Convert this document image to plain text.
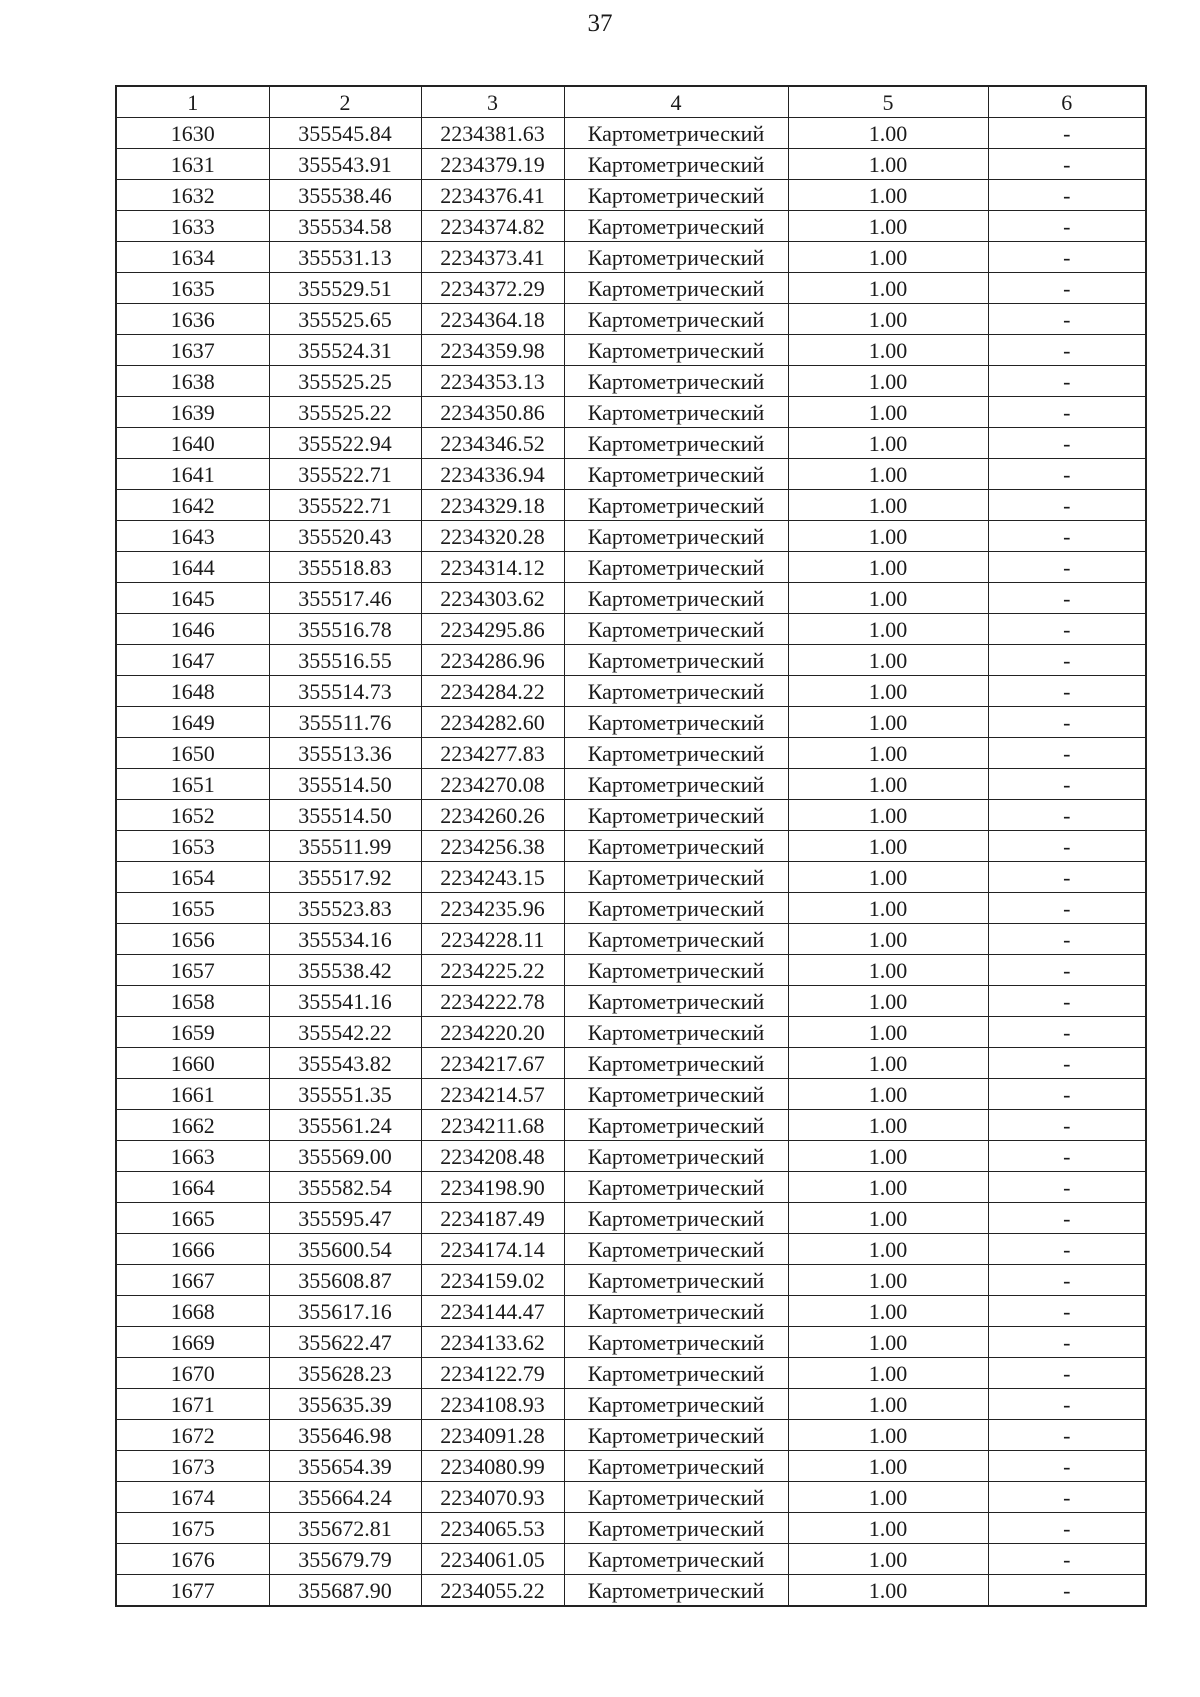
37
1	2	3	4	5	6
1630	355545.84	2234381.63	Картометрический	1.00	-
1631	355543.91	2234379.19	Картометрический	1.00	-
1632	355538.46	2234376.41	Картометрический	1.00	-
1633	355534.58	2234374.82	Картометрический	1.00	-
1634	355531.13	2234373.41	Картометрический	1.00	-
1635	355529.51	2234372.29	Картометрический	1.00	-
1636	355525.65	2234364.18	Картометрический	1.00	-
1637	355524.31	2234359.98	Картометрический	1.00	-
1638	355525.25	2234353.13	Картометрический	1.00	-
1639	355525.22	2234350.86	Картометрический	1.00	-
1640	355522.94	2234346.52	Картометрический	1.00	-
1641	355522.71	2234336.94	Картометрический	1.00	-
1642	355522.71	2234329.18	Картометрический	1.00	-
1643	355520.43	2234320.28	Картометрический	1.00	-
1644	355518.83	2234314.12	Картометрический	1.00	-
1645	355517.46	2234303.62	Картометрический	1.00	-
1646	355516.78	2234295.86	Картометрический	1.00	-
1647	355516.55	2234286.96	Картометрический	1.00	-
1648	355514.73	2234284.22	Картометрический	1.00	-
1649	355511.76	2234282.60	Картометрический	1.00	-
1650	355513.36	2234277.83	Картометрический	1.00	-
1651	355514.50	2234270.08	Картометрический	1.00	-
1652	355514.50	2234260.26	Картометрический	1.00	-
1653	355511.99	2234256.38	Картометрический	1.00	-
1654	355517.92	2234243.15	Картометрический	1.00	-
1655	355523.83	2234235.96	Картометрический	1.00	-
1656	355534.16	2234228.11	Картометрический	1.00	-
1657	355538.42	2234225.22	Картометрический	1.00	-
1658	355541.16	2234222.78	Картометрический	1.00	-
1659	355542.22	2234220.20	Картометрический	1.00	-
1660	355543.82	2234217.67	Картометрический	1.00	-
1661	355551.35	2234214.57	Картометрический	1.00	-
1662	355561.24	2234211.68	Картометрический	1.00	-
1663	355569.00	2234208.48	Картометрический	1.00	-
1664	355582.54	2234198.90	Картометрический	1.00	-
1665	355595.47	2234187.49	Картометрический	1.00	-
1666	355600.54	2234174.14	Картометрический	1.00	-
1667	355608.87	2234159.02	Картометрический	1.00	-
1668	355617.16	2234144.47	Картометрический	1.00	-
1669	355622.47	2234133.62	Картометрический	1.00	-
1670	355628.23	2234122.79	Картометрический	1.00	-
1671	355635.39	2234108.93	Картометрический	1.00	-
1672	355646.98	2234091.28	Картометрический	1.00	-
1673	355654.39	2234080.99	Картометрический	1.00	-
1674	355664.24	2234070.93	Картометрический	1.00	-
1675	355672.81	2234065.53	Картометрический	1.00	-
1676	355679.79	2234061.05	Картометрический	1.00	-
1677	355687.90	2234055.22	Картометрический	1.00	-
